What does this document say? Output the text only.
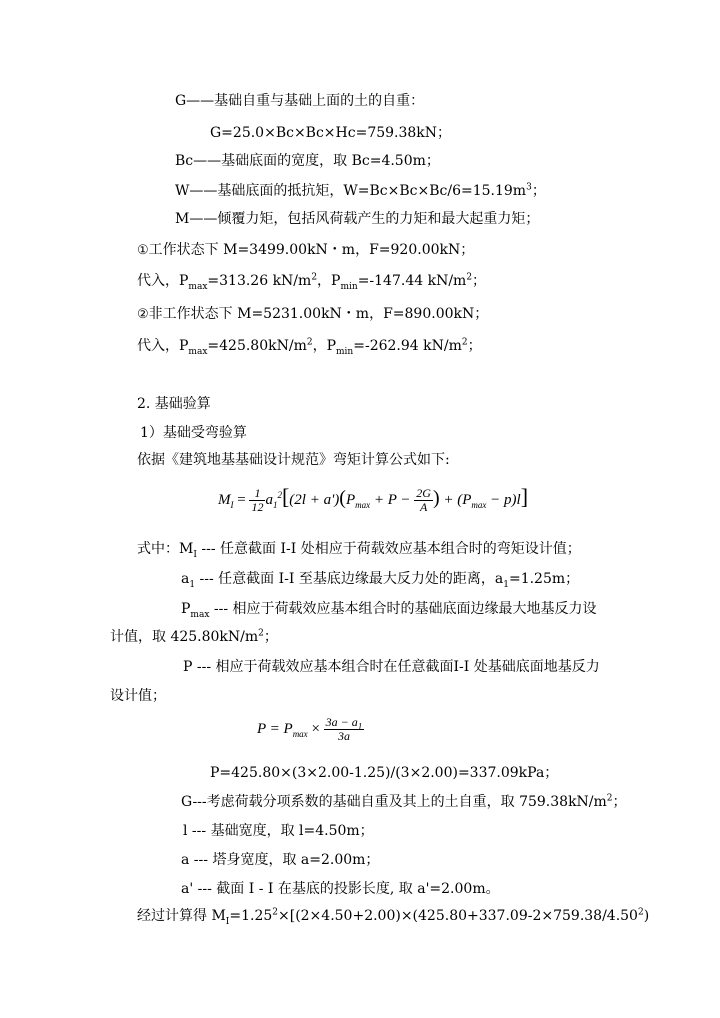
G——基础自重与基础上面的土的自重：
G=25.0×Bc×Bc×Hc=759.38kN；
Bc——基础底面的宽度，取 Bc=4.50m；
W——基础底面的抵抗矩，$W=Bc\times Bc\times Bc/6=15.19m^3$；
M——倾覆力矩，包括风荷载产生的力矩和最大起重力矩；
①工作状态下 M=3499.00kN・m，F=920.00kN；
代入，$P_{max}=313.26$ $kN/m^2$，$P_{min}=-147.44$ $kN/m^2$；
②非工作状态下 M=5231.00kN・m，F=890.00kN；
代入，$P_{max}=425.80kN/m^2$，$P_{min}=-262.94$ $kN/m^2$；
2. 基础验算
1）基础受弯验算
依据《建筑地基基础设计规范》弯矩计算公式如下:
$M_I = \frac{1}{12} a_1^2[(2l + a')(P_{max} + P - \frac{2G}{A}$ ) + $(P_{max} - p)l$]
式中：$M_I$ --- 任意截面 I-I 处相应于荷载效应基本组合时的弯矩设计值；
$a_1$ --- 任意截面 I-I 至基底边缘最大反力处的距离，$a_1=1.25m$；
$P_{max}$ --- 相应于荷载效应基本组合时的基础底面边缘最大地基反力设
计值，取 $425.80kN/m^2$；
P --- 相应于荷载效应基本组合时在任意截面I-I 处基础底面地基反力
设计值；
$P = P_{max} \times \frac{3a - a_1}{3a}$
P=425.80×(3×2.00-1.25)/(3×2.00)=337.09kPa；
G---考虑荷载分项系数的基础自重及其上的土自重，取 $759.38kN/m^2$；
l --- 基础宽度，取 l=4.50m；
a --- 塔身宽度，取 a=2.00m；
a' --- 截面 I - I 在基底的投影长度, 取 a'=2.00m。
经过计算得 $M_I=1.25^2\times[(2\times 4.50+2.00)\times(425.80+337.09-2\times 759.38/4.50^2)$
